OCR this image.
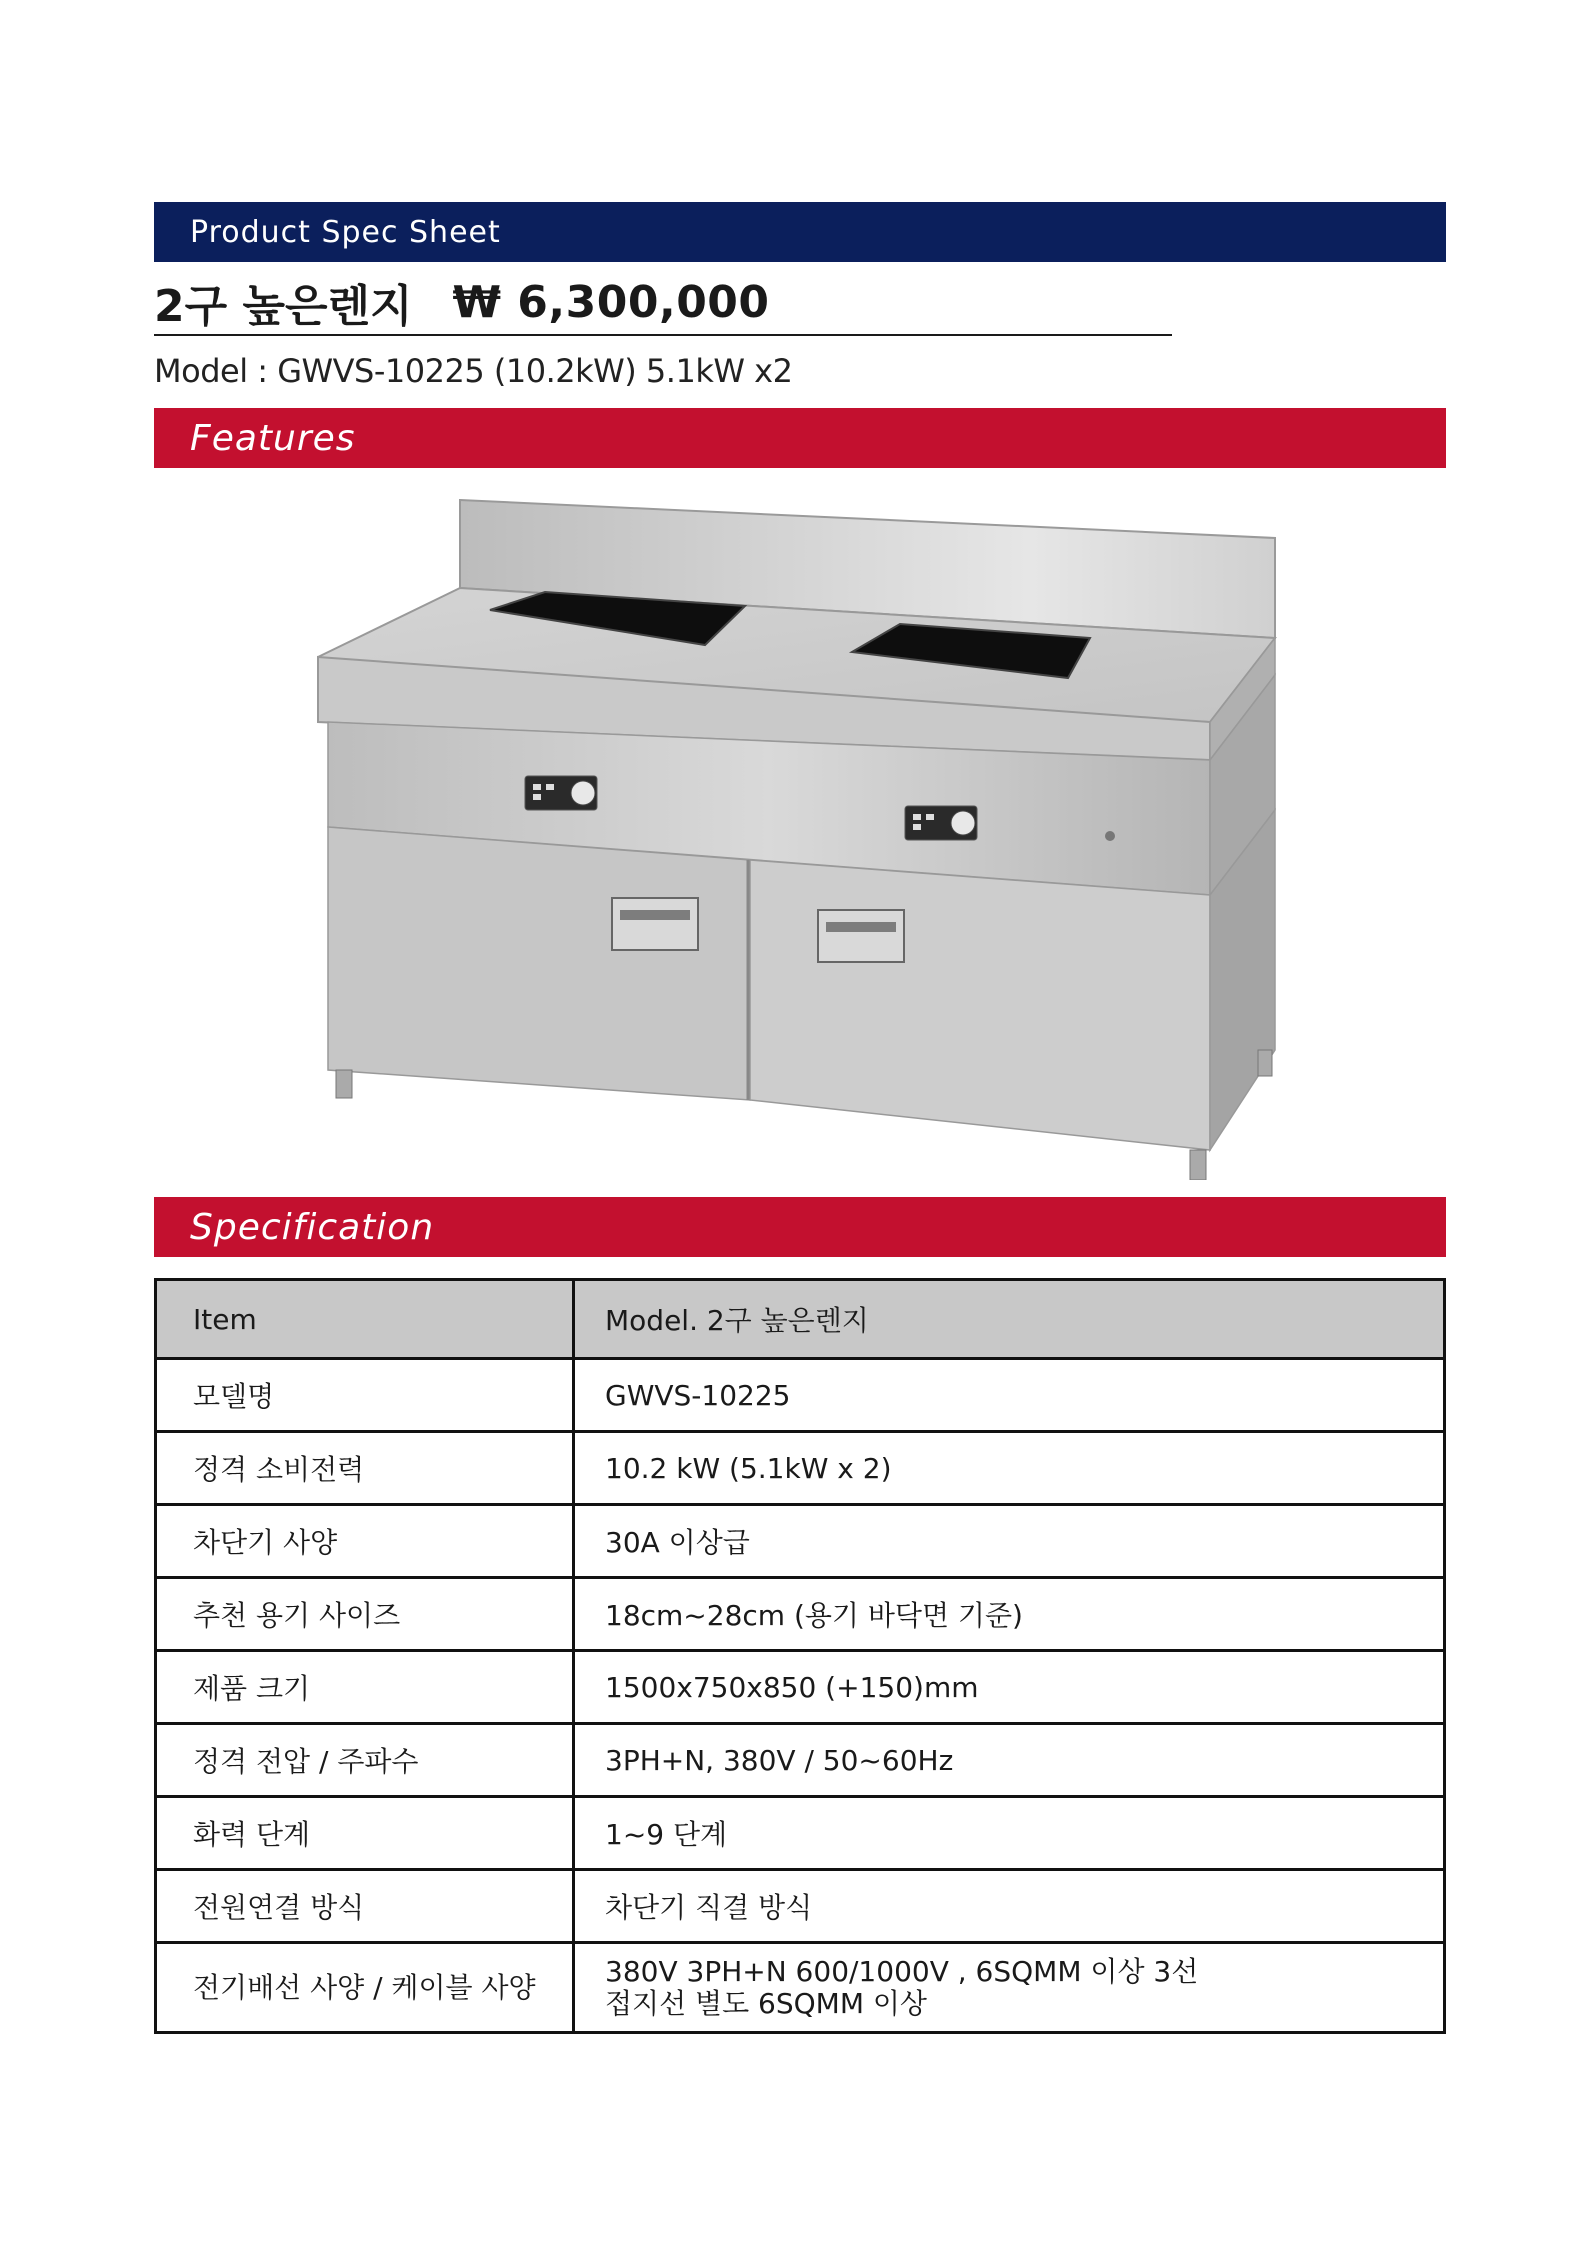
Product Spec Sheet
2구 높은렌지 ₩ 6,300,000
Model : GWVS-10225 (10.2kW) 5.1kW x2
Features
Specification
Item	Model. 2구 높은렌지
모델명	GWVS-10225
정격 소비전력	10.2 kW (5.1kW x 2)
차단기 사양	30A 이상급
추천 용기 사이즈	18cm~28cm (용기 바닥면 기준)
제품 크기	1500x750x850 (+150)mm
정격 전압 / 주파수	3PH+N, 380V / 50~60Hz
화력 단계	1~9 단계
전원연결 방식	차단기 직결 방식
전기배선 사양 / 케이블 사양	380V 3PH+N 600/1000V , 6SQMM 이상 3선
접지선 별도 6SQMM 이상
